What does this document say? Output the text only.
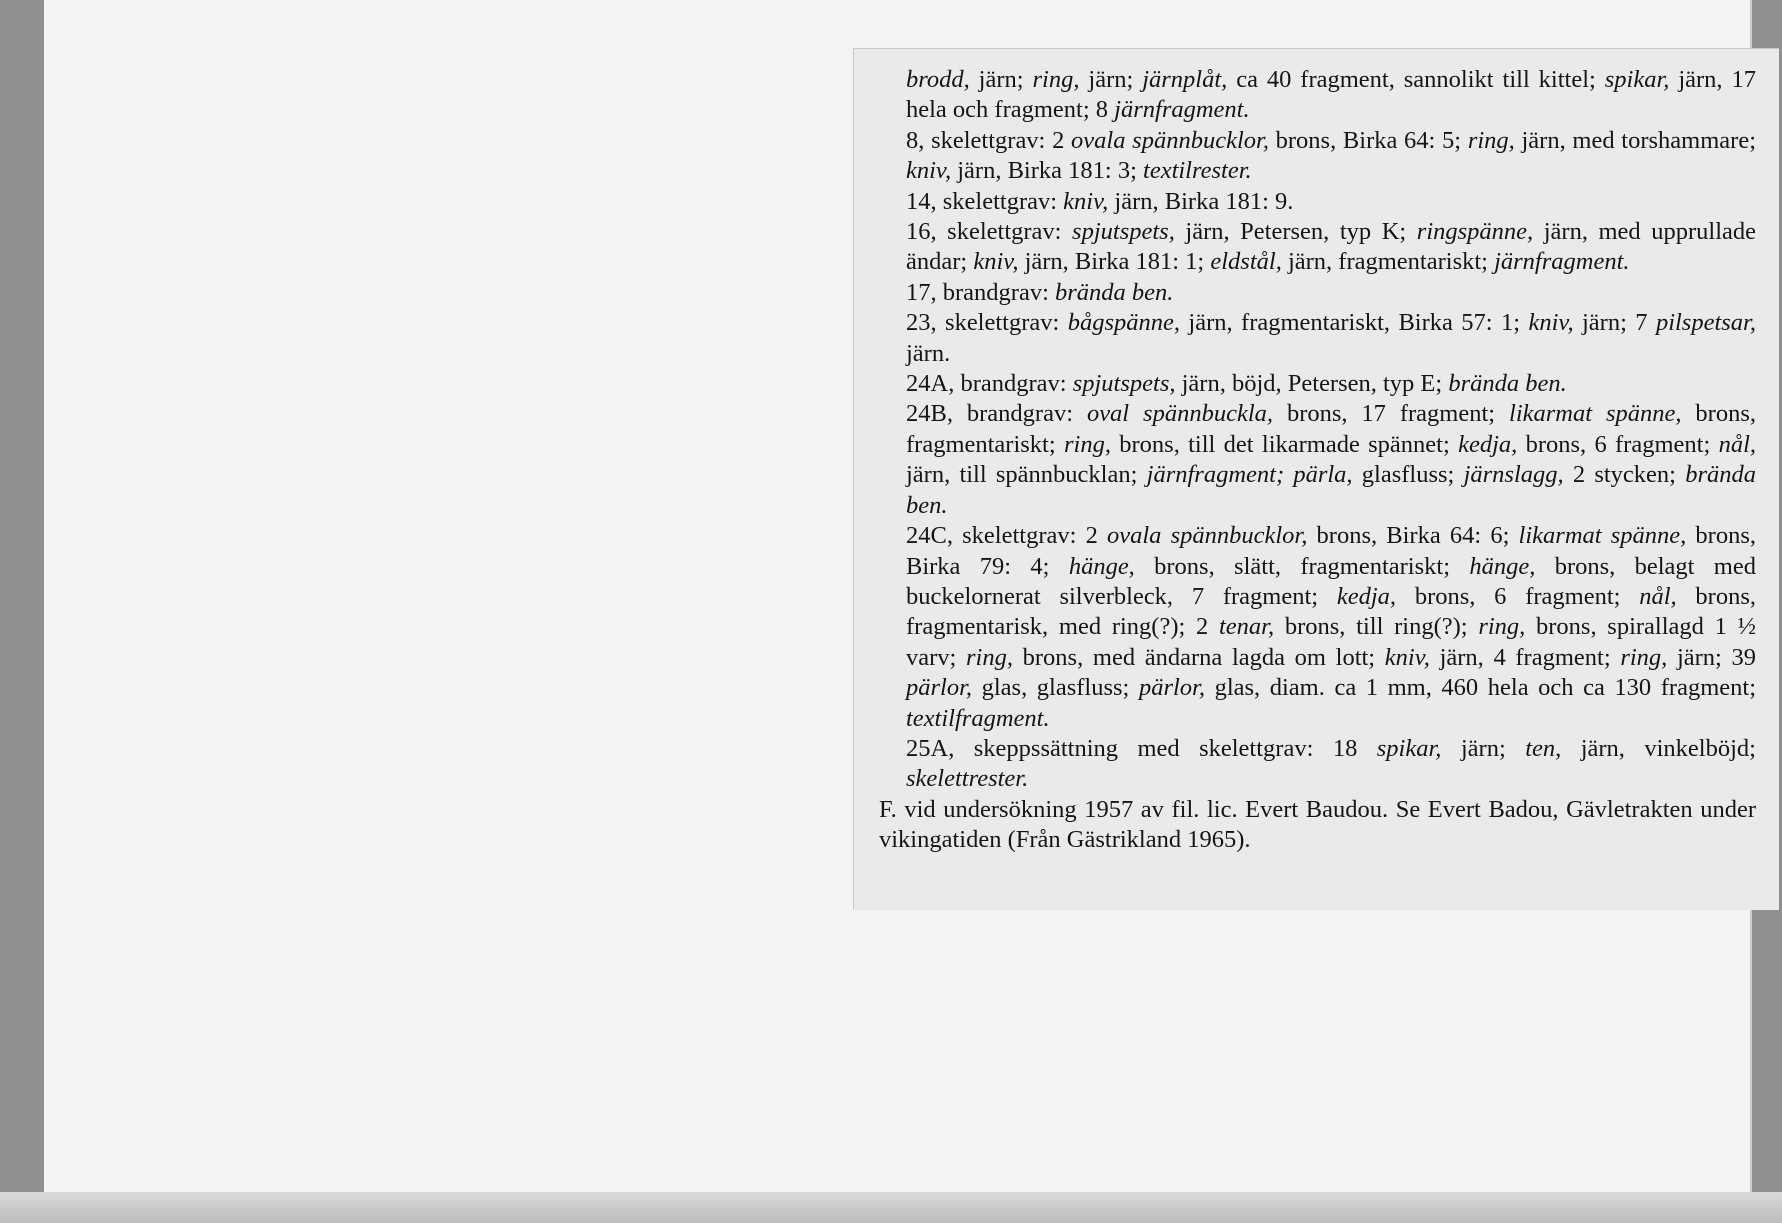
brodd, järn; ring, järn; järnplåt, ca 40 fragment, sannolikt till kittel; spikar, järn, 17 hela och fragment; 8 järnfragment.
8, skelettgrav: 2 ovala spännbucklor, brons, Birka 64: 5; ring, järn, med torshammare; kniv, järn, Birka 181: 3; textilrester.
14, skelettgrav: kniv, järn, Birka 181: 9.
16, skelettgrav: spjutspets, järn, Petersen, typ K; ringspänne, järn, med upprullade ändar; kniv, järn, Birka 181: 1; eldstål, järn, fragmentariskt; järnfragment.
17, brandgrav: brända ben.
23, skelettgrav: bågspänne, järn, fragmentariskt, Birka 57: 1; kniv, järn; 7 pilspetsar, järn.
24A, brandgrav: spjutspets, järn, böjd, Petersen, typ E; brända ben.
24B, brandgrav: oval spännbuckla, brons, 17 fragment; likarmat spänne, brons, fragmentariskt; ring, brons, till det likarmade spännet; kedja, brons, 6 fragment; nål, järn, till spännbucklan; järnfragment; pärla, glasfluss; järnslagg, 2 stycken; brända ben.
24C, skelettgrav: 2 ovala spännbucklor, brons, Birka 64: 6; likarmat spänne, brons, Birka 79: 4; hänge, brons, slätt, fragmentariskt; hänge, brons, belagt med buckelornerat silverbleck, 7 fragment; kedja, brons, 6 fragment; nål, brons, fragmentarisk, med ring(?); 2 tenar, brons, till ring(?); ring, brons, spirallagd 1 ½ varv; ring, brons, med ändarna lagda om lott; kniv, järn, 4 fragment; ring, järn; 39 pärlor, glas, glasfluss; pärlor, glas, diam. ca 1 mm, 460 hela och ca 130 fragment; textilfragment.
25A, skeppssättning med skelettgrav: 18 spikar, järn; ten, järn, vinkelböjd; skelettrester.
F. vid undersökning 1957 av fil. lic. Evert Baudou. Se Evert Badou, Gävletrakten under vikingatiden (Från Gästrikland 1965).
